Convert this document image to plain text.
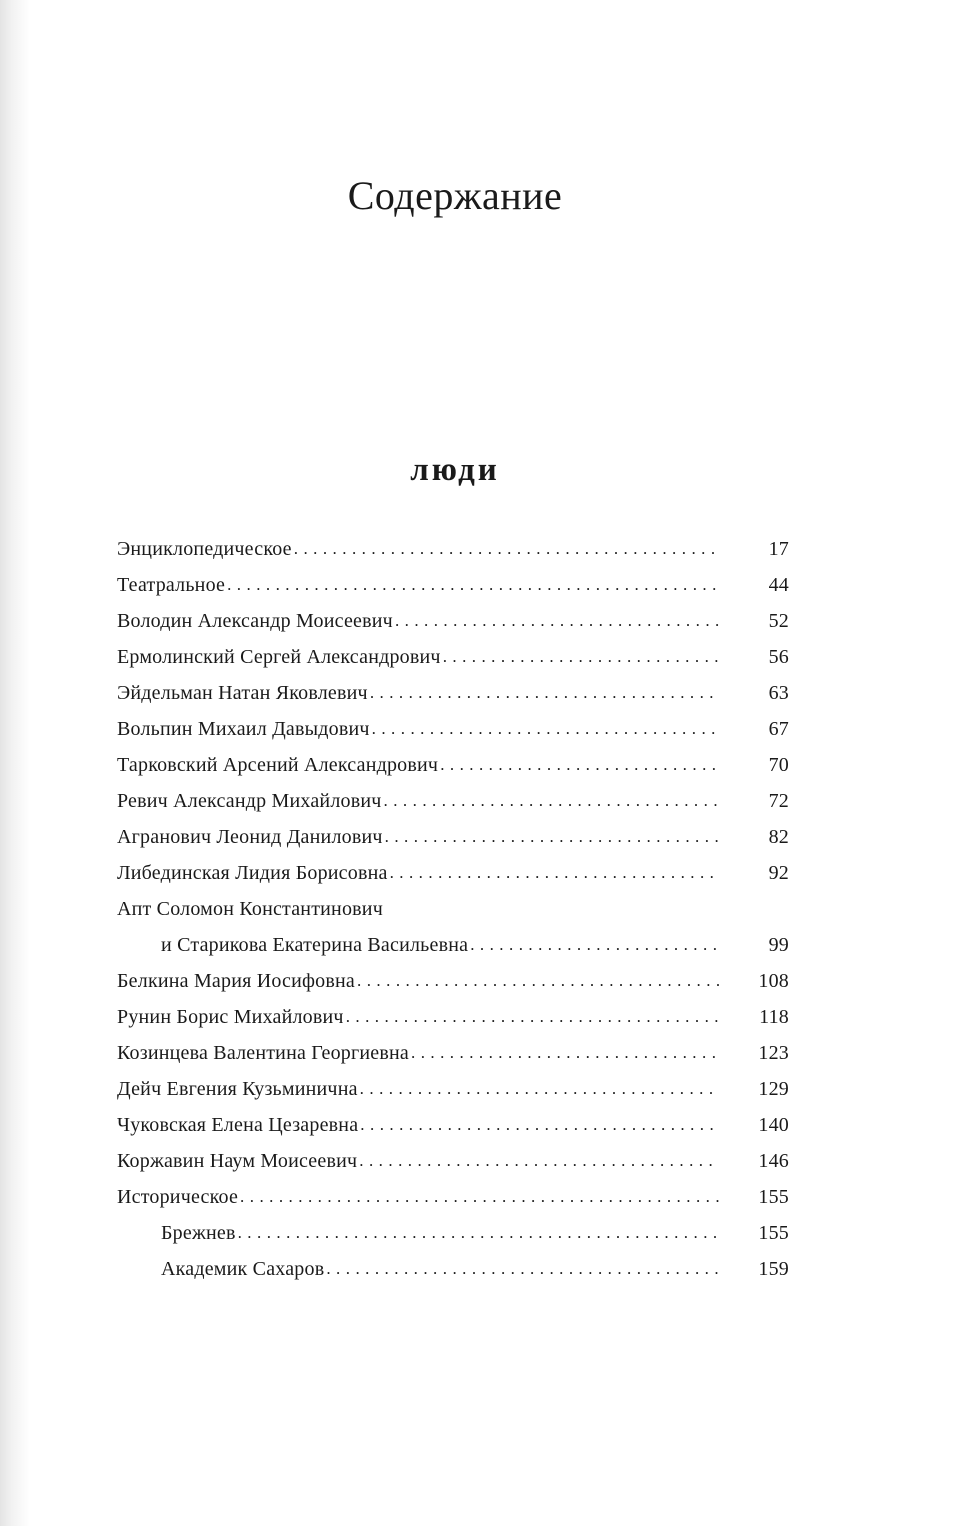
Содержание
люди
Энциклопедическое . . .	17
Театральное . . .	44
Володин Александр Моисеевич . . .	52
Ермолинский Сергей Александрович . . .	56
Эйдельман Натан Яковлевич . . .	63
Вольпин Михаил Давыдович . . .	67
Тарковский Арсений Александрович . . .	70
Ревич Александр Михайлович . . .	72
Агранович Леонид Данилович . . .	82
Либединская Лидия Борисовна . . .	92
Апт Соломон Константинович
и Старикова Екатерина Васильевна . . .	99
Белкина Мария Иосифовна . . .	108
Рунин Борис Михайлович . . .	118
Козинцева Валентина Георгиевна . . .	123
Дейч Евгения Кузьминична . . .	129
Чуковская Елена Цезаревна . . .	140
Коржавин Наум Моисеевич . . .	146
Историческое . . .	155
Брежнев . . .	155
Академик Сахаров . . .	159
